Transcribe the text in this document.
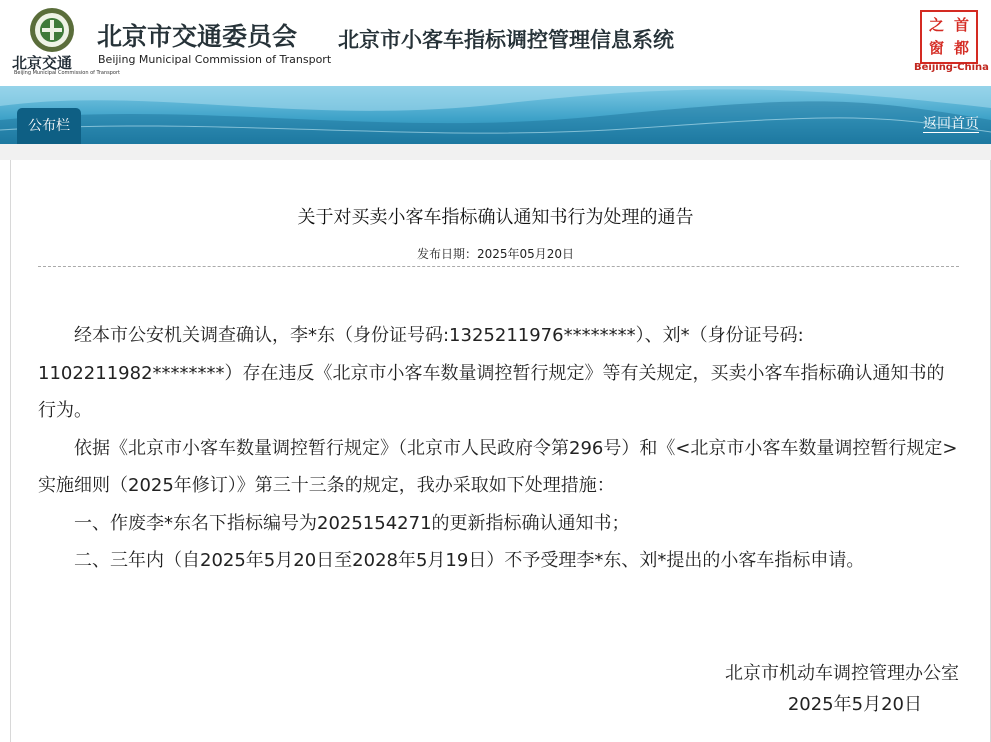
北京交通
Beijing Municipal Commission of Transport
北京市交通委员会
Beijing Municipal Commission of Transport
北京市小客车指标调控管理信息系统
之 首
窗 都
Beijing-China
公布栏	返回首页
关于对买卖小客车指标确认通知书行为处理的通告
发布日期：2025年05月20日

经本市公安机关调查确认，李*东（身份证号码:1325211976********）、刘*（身份证号码: 1102211982********）存在违反《北京市小客车数量调控暂行规定》等有关规定，买卖小客车指标确认通知书的行为。

依据《北京市小客车数量调控暂行规定》（北京市人民政府令第296号）和《<北京市小客车数量调控暂行规定>实施细则（2025年修订）》第三十三条的规定，我办采取如下处理措施：

一、作废李*东名下指标编号为2025154271的更新指标确认通知书；

二、三年内（自2025年5月20日至2028年5月19日）不予受理李*东、刘*提出的小客车指标申请。

北京市机动车调控管理办公室
2025年5月20日
